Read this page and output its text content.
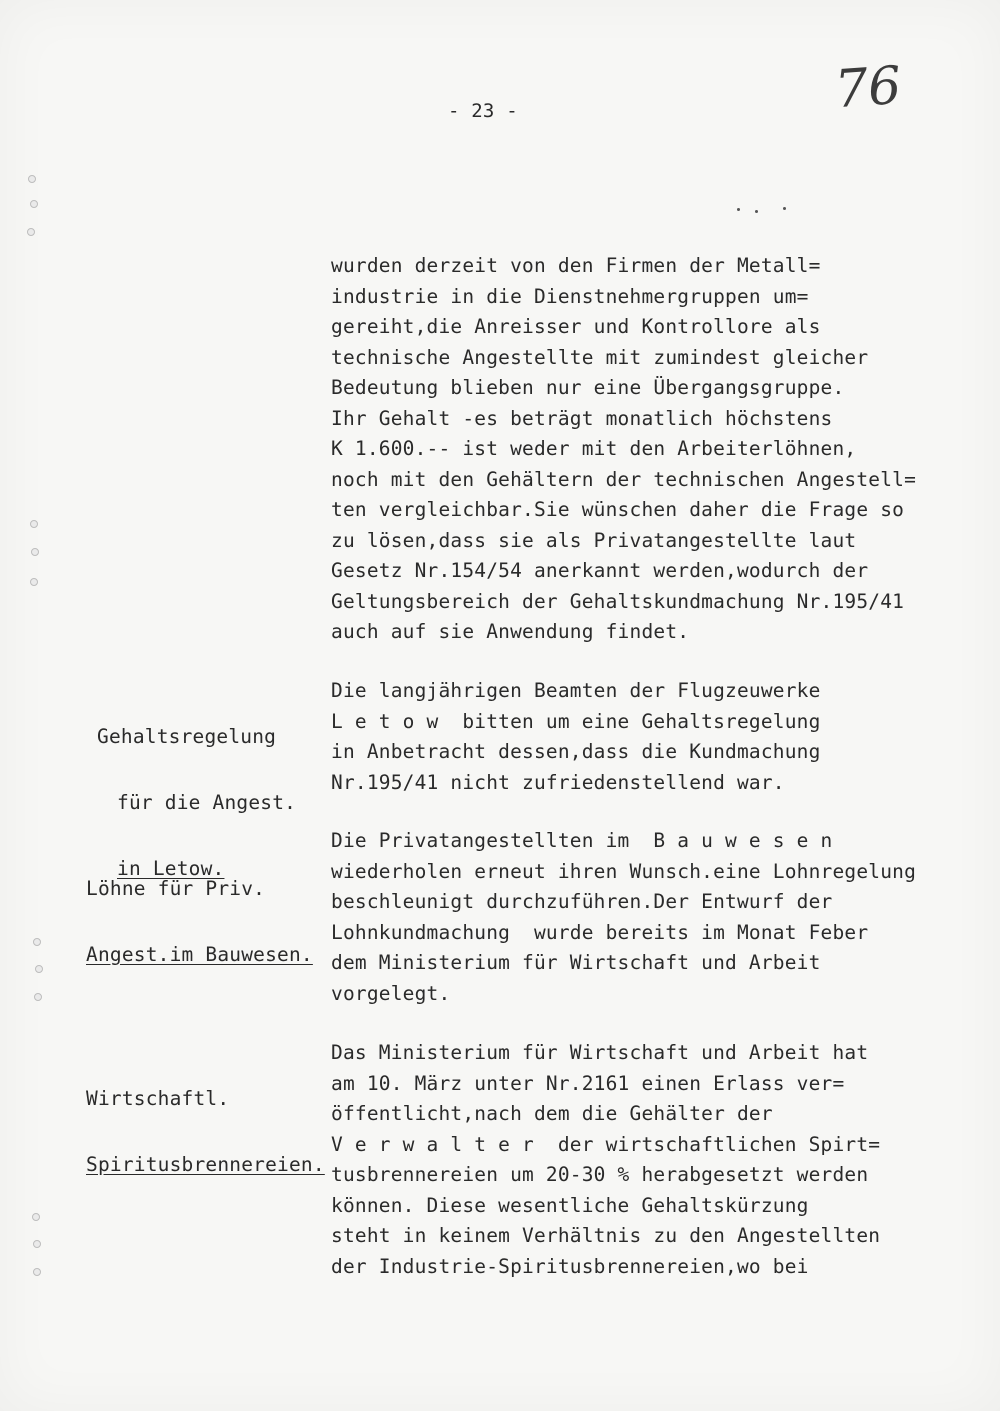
- 23 -	76
wurden derzeit von den Firmen der Metall=
industrie in die Dienstnehmergruppen um=
gereiht,die Anreisser und Kontrollore als
technische Angestellte mit zumindest gleicher
Bedeutung blieben nur eine Übergangsgruppe.
Ihr Gehalt -es beträgt monatlich höchstens
K 1.600.-- ist weder mit den Arbeiterlöhnen,
noch mit den Gehältern der technischen Angestell=
ten vergleichbar.Sie wünschen daher die Frage so
zu lösen,dass sie als Privatangestellte laut
Gesetz Nr.154/54 anerkannt werden,wodurch der
Geltungsbereich der Gehaltskundmachung Nr.195/41
auch auf sie Anwendung findet.

Gehaltsregelung

für die Angest.

in Letow.

Die langjährigen Beamten der Flugzeuwerke
L e t o w  bitten um eine Gehaltsregelung
in Anbetracht dessen,dass die Kundmachung
Nr.195/41 nicht zufriedenstellend war.

Löhne für Priv.

Angest.im Bauwesen.

Die Privatangestellten im  B a u w e s e n
wiederholen erneut ihren Wunsch.eine Lohnregelung
beschleunigt durchzuführen.Der Entwurf der
Lohnkundmachung  wurde bereits im Monat Feber
dem Ministerium für Wirtschaft und Arbeit
vorgelegt.

Wirtschaftl.

Spiritusbrennereien.

Das Ministerium für Wirtschaft und Arbeit hat
am 10. März unter Nr.2161 einen Erlass ver=
öffentlicht,nach dem die Gehälter der
V e r w a l t e r  der wirtschaftlichen Spirt=
tusbrennereien um 20-30 % herabgesetzt werden
können. Diese wesentliche Gehaltskürzung
steht in keinem Verhältnis zu den Angestellten
der Industrie-Spiritusbrennereien,wo bei
